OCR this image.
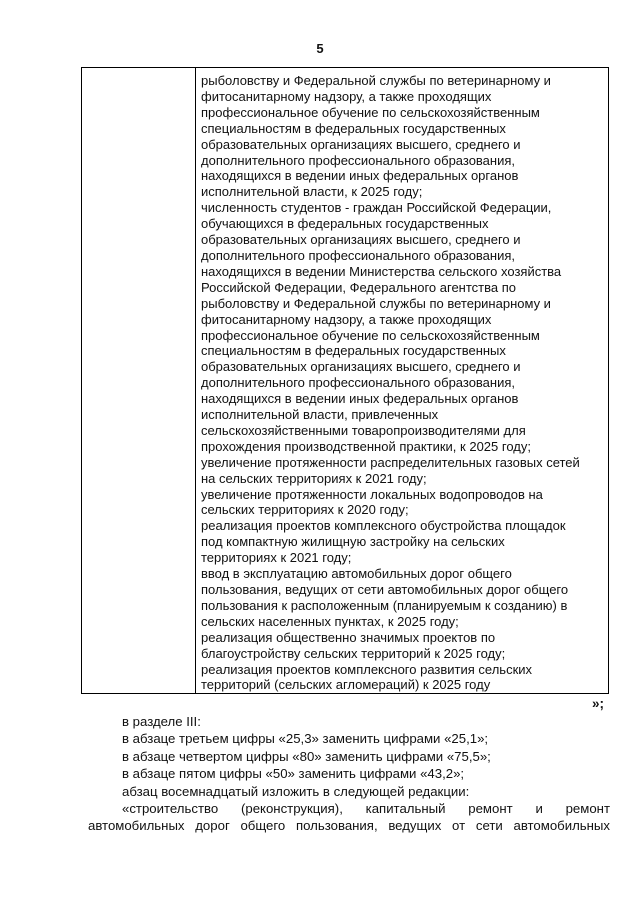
5

рыболовству и Федеральной службы по ветеринарному и

фитосанитарному надзору, а также проходящих

профессиональное обучение по сельскохозяйственным

специальностям в федеральных государственных

образовательных организациях высшего, среднего и

дополнительного профессионального образования,

находящихся в ведении иных федеральных органов

исполнительной власти, к 2025 году;

численность студентов - граждан Российской Федерации,

обучающихся в федеральных государственных

образовательных организациях высшего, среднего и

дополнительного профессионального образования,

находящихся в ведении Министерства сельского хозяйства

Российской Федерации, Федерального агентства по

рыболовству и Федеральной службы по ветеринарному и

фитосанитарному надзору, а также проходящих

профессиональное обучение по сельскохозяйственным

специальностям в федеральных государственных

образовательных организациях высшего, среднего и

дополнительного профессионального образования,

находящихся в ведении иных федеральных органов

исполнительной власти, привлеченных

сельскохозяйственными товаропроизводителями для

прохождения производственной практики, к 2025 году;

увеличение протяженности распределительных газовых сетей

на сельских территориях к 2021 году;

увеличение протяженности локальных водопроводов на

сельских территориях к 2020 году;

реализация проектов комплексного обустройства площадок

под компактную жилищную застройку на сельских

территориях к 2021 году;

ввод в эксплуатацию автомобильных дорог общего

пользования, ведущих от сети автомобильных дорог общего

пользования к расположенным (планируемым к созданию) в

сельских населенных пунктах, к 2025 году;

реализация общественно значимых проектов по

благоустройству сельских территорий к 2025 году;

реализация проектов комплексного развития сельских

территорий (сельских агломераций) к 2025 году

»;

в разделе III:

в абзаце третьем цифры «25,3» заменить цифрами «25,1»;

в абзаце четвертом цифры «80» заменить цифрами «75,5»;

в абзаце пятом цифры «50» заменить цифрами «43,2»;

абзац восемнадцатый изложить в следующей редакции:

«строительство (реконструкция), капитальный ремонт и ремонт

автомобильных дорог общего пользования, ведущих от сети автомобильных
